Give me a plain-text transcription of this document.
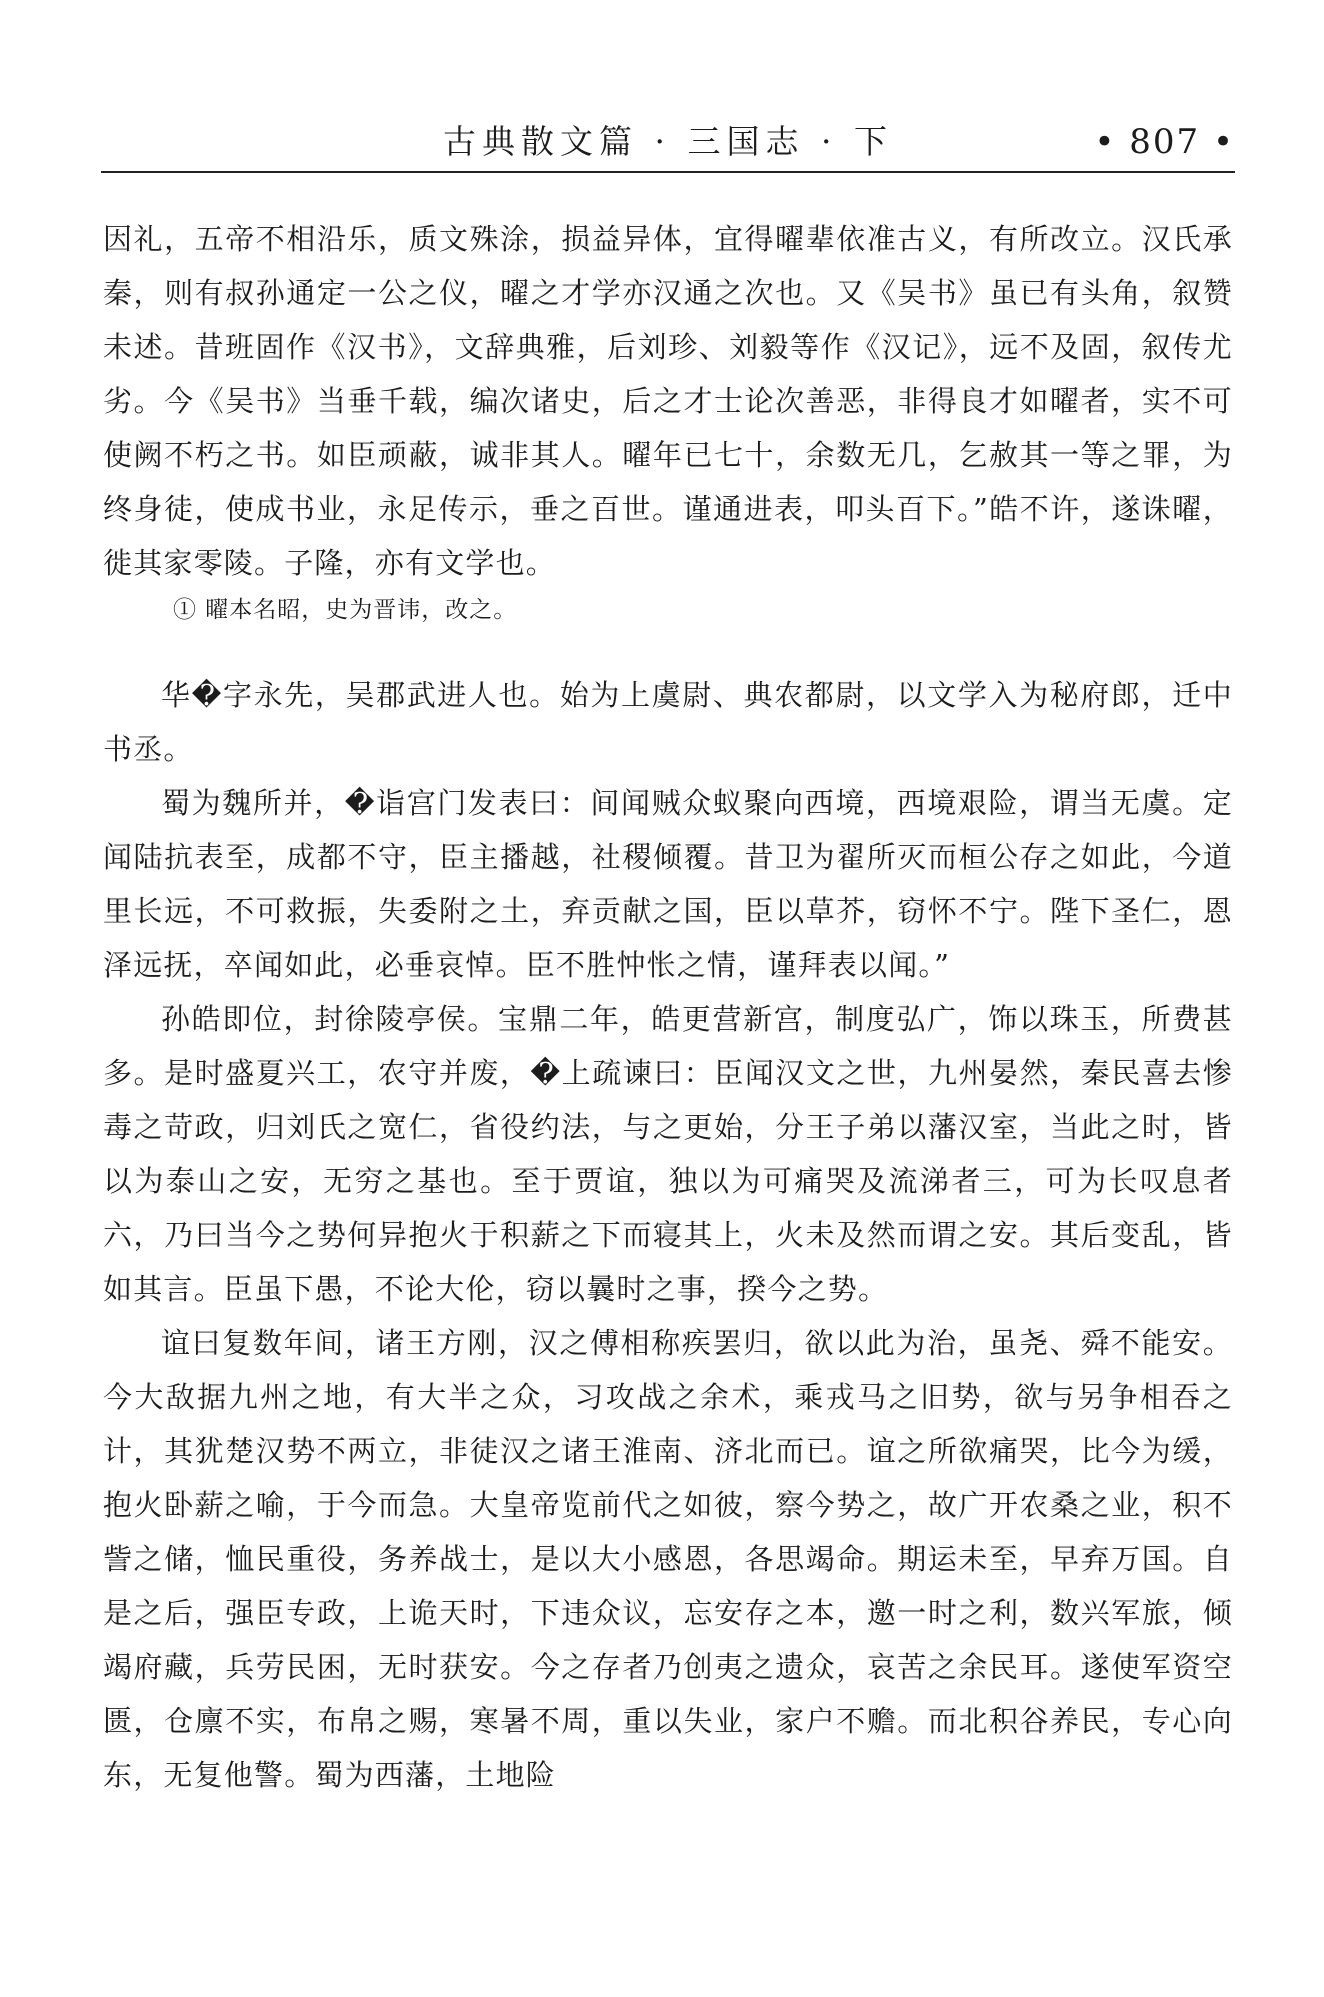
古典散文篇 · 三国志 · 下	• 807 •

因礼，五帝不相沿乐，质文殊涂，损益异体，宜得曜辈依准古义，有所改立。汉氏承秦，则有叔孙通定一公之仪，曜之才学亦汉通之次也。又《吴书》虽已有头角，叙赞未述。昔班固作《汉书》，文辞典雅，后刘珍、刘毅等作《汉记》，远不及固，叙传尤劣。今《吴书》当垂千载，编次诸史，后之才士论次善恶，非得良才如曜者，实不可使阙不朽之书。如臣顽蔽，诚非其人。曜年已七十，余数无几，乞赦其一等之罪，为终身徒，使成书业，永足传示，垂之百世。谨通进表，叩头百下。”皓不许，遂诛曜，徙其家零陵。子隆，亦有文学也。

① 曜本名昭，史为晋讳，改之。

华�字永先，吴郡武进人也。始为上虞尉、典农都尉，以文学入为秘府郎，迁中书丞。

蜀为魏所并，�诣宫门发表曰：间闻贼众蚁聚向西境，西境艰险，谓当无虞。定闻陆抗表至，成都不守，臣主播越，社稷倾覆。昔卫为翟所灭而桓公存之如此，今道里长远，不可救振，失委附之土，弃贡献之国，臣以草芥，窃怀不宁。陛下圣仁，恩泽远抚，卒闻如此，必垂哀悼。臣不胜忡怅之情，谨拜表以闻。”

孙皓即位，封徐陵亭侯。宝鼎二年，皓更营新宫，制度弘广，饰以珠玉，所费甚多。是时盛夏兴工，农守并废，�上疏谏曰：臣闻汉文之世，九州晏然，秦民喜去惨毒之苛政，归刘氏之宽仁，省役约法，与之更始，分王子弟以藩汉室，当此之时，皆以为泰山之安，无穷之基也。至于贾谊，独以为可痛哭及流涕者三，可为长叹息者六，乃曰当今之势何异抱火于积薪之下而寝其上，火未及然而谓之安。其后变乱，皆如其言。臣虽下愚，不论大伦，窃以曩时之事，揆今之势。

谊曰复数年间，诸王方刚，汉之傅相称疾罢归，欲以此为治，虽尧、舜不能安。今大敌据九州之地，有大半之众，习攻战之余术，乘戎马之旧势，欲与另争相吞之计，其犹楚汉势不两立，非徒汉之诸王淮南、济北而已。谊之所欲痛哭，比今为缓，抱火卧薪之喻，于今而急。大皇帝览前代之如彼，察今势之，故广开农桑之业，积不訾之储，恤民重役，务养战士，是以大小感恩，各思竭命。期运未至，早弃万国。自是之后，强臣专政，上诡天时，下违众议，忘安存之本，邀一时之利，数兴军旅，倾竭府藏，兵劳民困，无时获安。今之存者乃创夷之遗众，哀苦之余民耳。遂使军资空匮，仓廪不实，布帛之赐，寒暑不周，重以失业，家户不赡。而北积谷养民，专心向东，无复他警。蜀为西藩，土地险
